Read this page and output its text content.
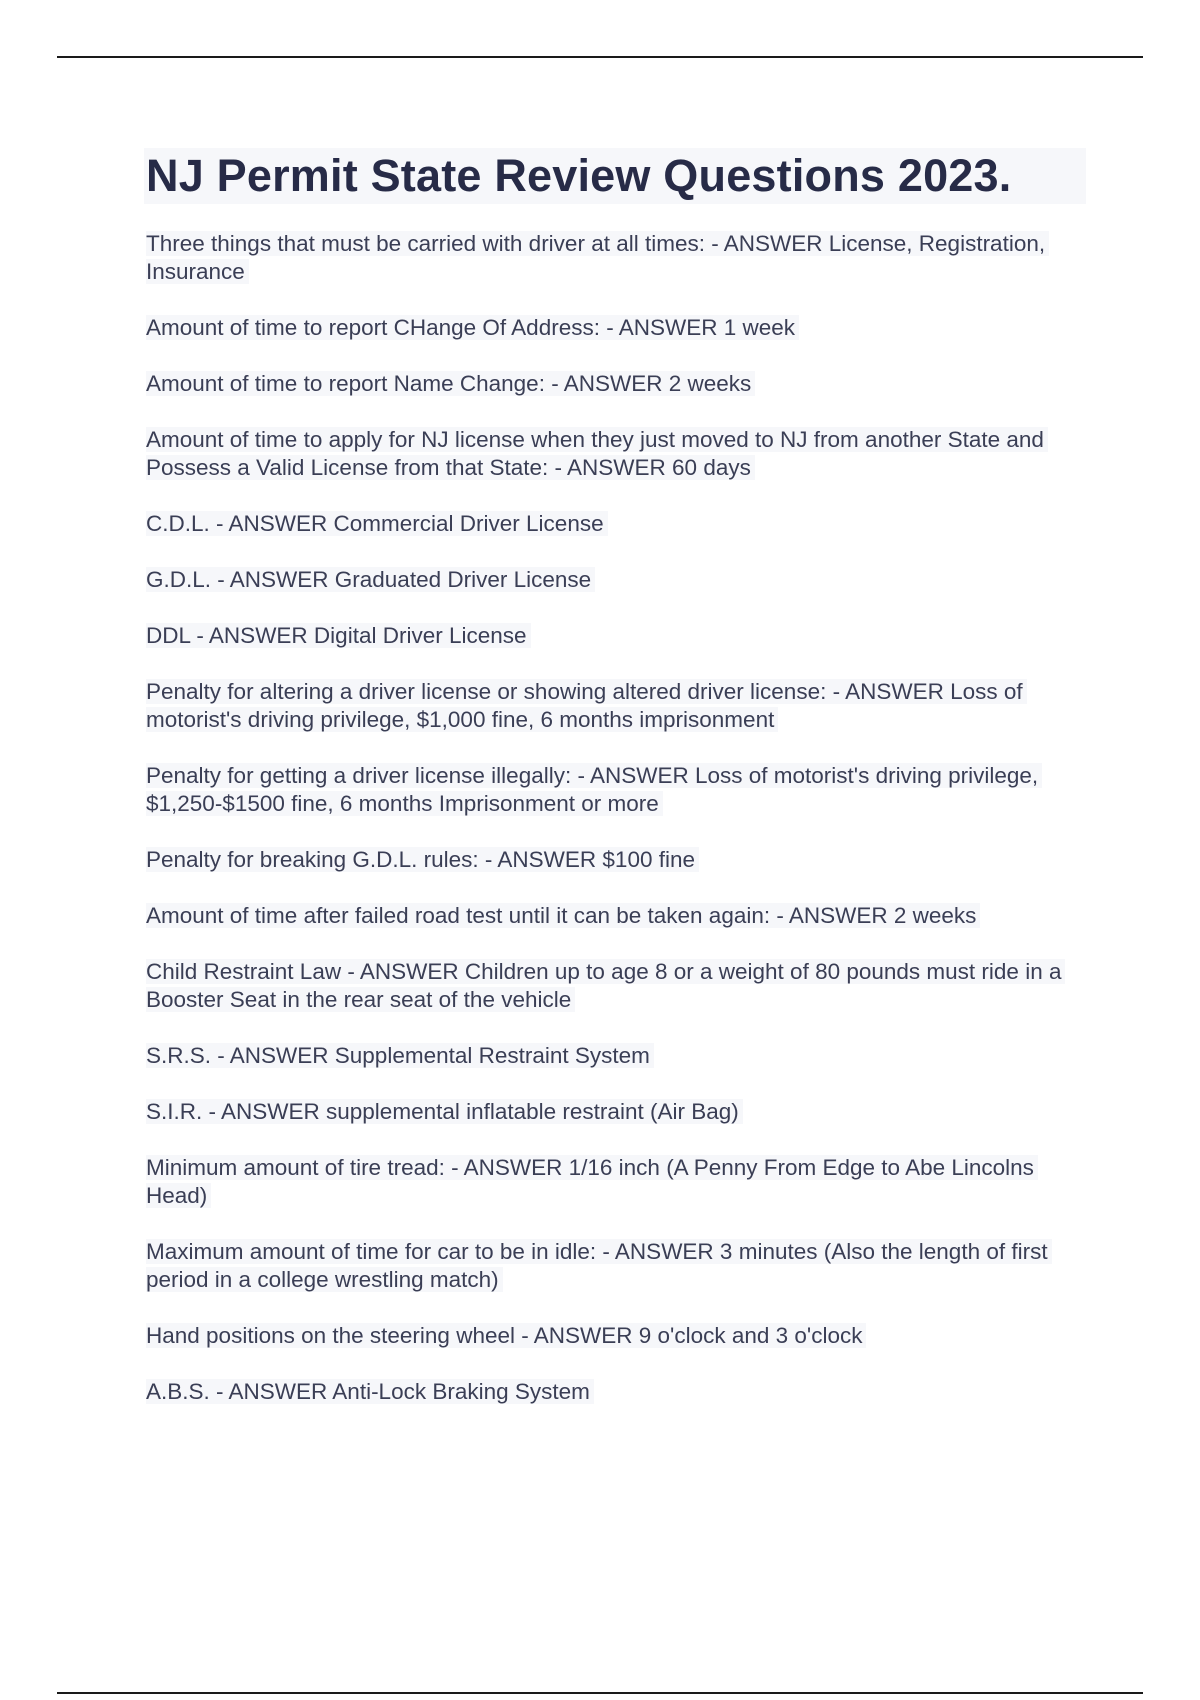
NJ Permit State Review Questions 2023.

Three things that must be carried with driver at all times: - ANSWER License, Registration, Insurance

Amount of time to report CHange Of Address: - ANSWER 1 week

Amount of time to report Name Change: - ANSWER 2 weeks

Amount of time to apply for NJ license when they just moved to NJ from another State and Possess a Valid License from that State: - ANSWER 60 days

C.D.L. - ANSWER Commercial Driver License

G.D.L. - ANSWER Graduated Driver License

DDL - ANSWER Digital Driver License

Penalty for altering a driver license or showing altered driver license: - ANSWER Loss of motorist's driving privilege, $1,000 fine, 6 months imprisonment

Penalty for getting a driver license illegally: - ANSWER Loss of motorist's driving privilege, $1,250-$1500 fine, 6 months Imprisonment or more

Penalty for breaking G.D.L. rules: - ANSWER $100 fine

Amount of time after failed road test until it can be taken again: - ANSWER 2 weeks

Child Restraint Law - ANSWER Children up to age 8 or a weight of 80 pounds must ride in a Booster Seat in the rear seat of the vehicle

S.R.S. - ANSWER Supplemental Restraint System

S.I.R. - ANSWER supplemental inflatable restraint (Air Bag)

Minimum amount of tire tread: - ANSWER 1/16 inch (A Penny From Edge to Abe Lincolns Head)

Maximum amount of time for car to be in idle: - ANSWER 3 minutes (Also the length of first period in a college wrestling match)

Hand positions on the steering wheel - ANSWER 9 o'clock and 3 o'clock

A.B.S. - ANSWER Anti-Lock Braking System
